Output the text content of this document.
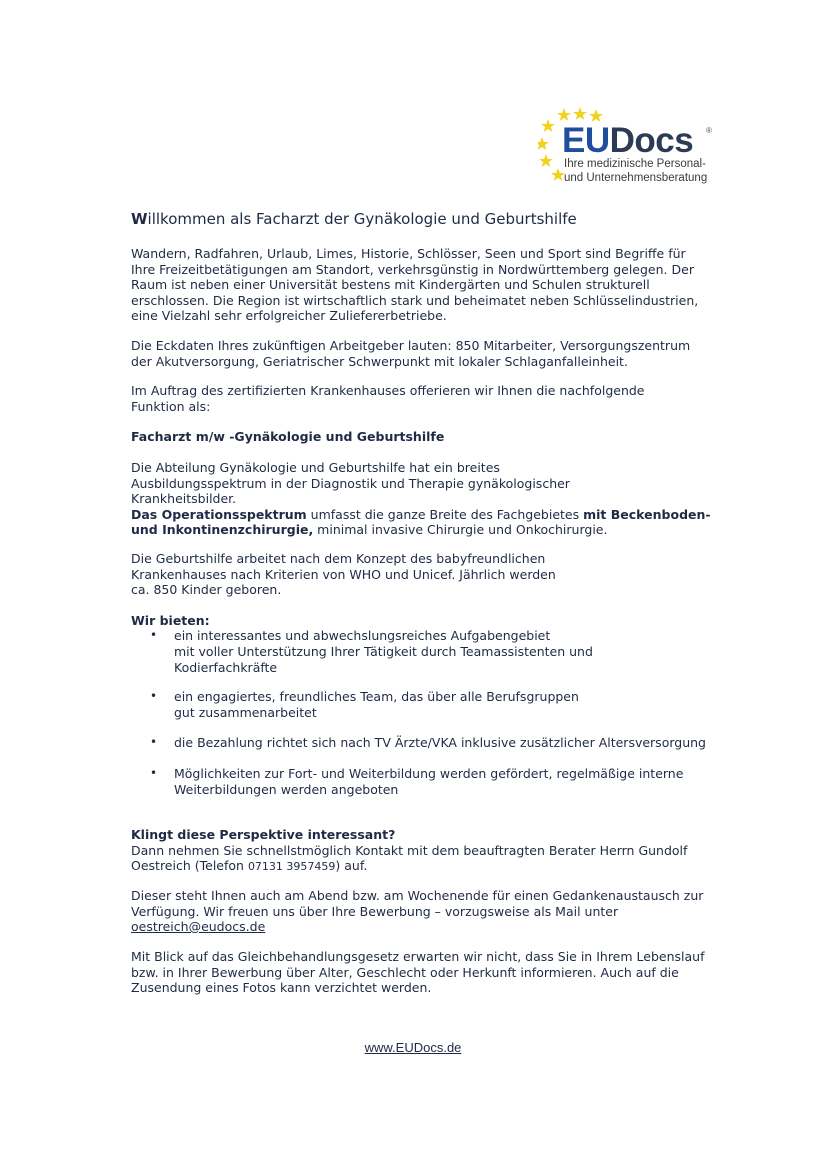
EUDocs ®
Ihre medizinische Personal-
und Unternehmensberatung
Willkommen als Facharzt der Gynäkologie und Geburtshilfe
Wandern, Radfahren, Urlaub, Limes, Historie, Schlösser, Seen und Sport sind Begriffe für
Ihre Freizeitbetätigungen am Standort, verkehrsgünstig in Nordwürttemberg gelegen. Der
Raum ist neben einer Universität bestens mit Kindergärten und Schulen strukturell
erschlossen. Die Region ist wirtschaftlich stark und beheimatet neben Schlüsselindustrien,
eine Vielzahl sehr erfolgreicher Zuliefererbetriebe.
Die Eckdaten Ihres zukünftigen Arbeitgeber lauten: 850 Mitarbeiter, Versorgungszentrum
der Akutversorgung, Geriatrischer Schwerpunkt mit lokaler Schlaganfalleinheit.
Im Auftrag des zertifizierten Krankenhauses offerieren wir Ihnen die nachfolgende
Funktion als:
Facharzt m/w -Gynäkologie und Geburtshilfe
Die Abteilung Gynäkologie und Geburtshilfe hat ein breites
Ausbildungsspektrum in der Diagnostik und Therapie gynäkologischer
Krankheitsbilder.
Das Operationsspektrum umfasst die ganze Breite des Fachgebietes mit Beckenboden-
und Inkontinenzchirurgie, minimal invasive Chirurgie und Onkochirurgie.
Die Geburtshilfe arbeitet nach dem Konzept des babyfreundlichen
Krankenhauses nach Kriterien von WHO und Unicef. Jährlich werden
ca. 850 Kinder geboren.
Wir bieten:
• ein interessantes und abwechslungsreiches Aufgabengebiet
mit voller Unterstützung Ihrer Tätigkeit durch Teamassistenten und
Kodierfachkräfte
• ein engagiertes, freundliches Team, das über alle Berufsgruppen
gut zusammenarbeitet
• die Bezahlung richtet sich nach TV Ärzte/VKA inklusive zusätzlicher Altersversorgung
• Möglichkeiten zur Fort- und Weiterbildung werden gefördert, regelmäßige interne
Weiterbildungen werden angeboten
Klingt diese Perspektive interessant?
Dann nehmen Sie schnellstmöglich Kontakt mit dem beauftragten Berater Herrn Gundolf
Oestreich (Telefon 07131 3957459) auf.
Dieser steht Ihnen auch am Abend bzw. am Wochenende für einen Gedankenaustausch zur
Verfügung. Wir freuen uns über Ihre Bewerbung – vorzugsweise als Mail unter
oestreich@eudocs.de
Mit Blick auf das Gleichbehandlungsgesetz erwarten wir nicht, dass Sie in Ihrem Lebenslauf
bzw. in Ihrer Bewerbung über Alter, Geschlecht oder Herkunft informieren. Auch auf die
Zusendung eines Fotos kann verzichtet werden.
www.EUDocs.de
